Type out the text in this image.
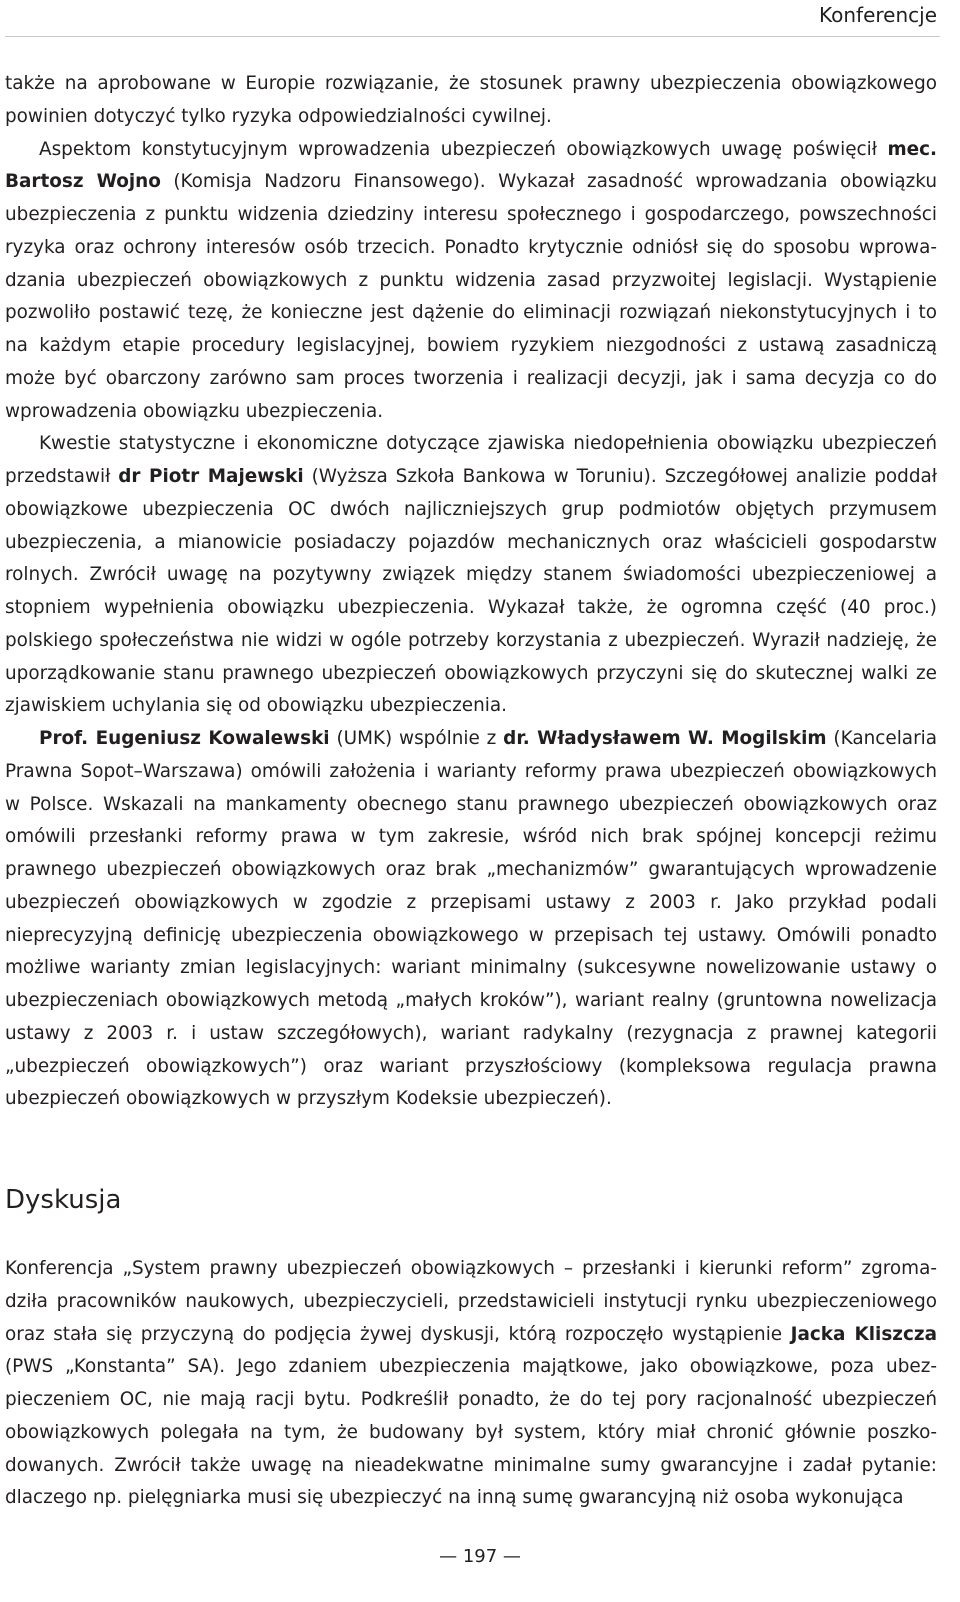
Konferencje

także na aprobowane w Europie rozwiązanie, że stosunek prawny ubezpieczenia obowiązkowego powinien dotyczyć tylko ryzyka odpowiedzialności cywilnej.

Aspektom konstytucyjnym wprowadzenia ubezpieczeń obowiązkowych uwagę poświęcił mec. Bartosz Wojno (Komisja Nadzoru Finansowego). Wykazał zasadność wprowadzania obowiązku ubezpieczenia z punktu widzenia dziedziny interesu społecznego i gospodarczego, powszechności ryzyka oraz ochrony interesów osób trzecich. Ponadto krytycznie odniósł się do sposobu wprowadzania ubezpieczeń obowiązkowych z punktu widzenia zasad przyzwoitej legislacji. Wystąpienie pozwoliło postawić tezę, że konieczne jest dążenie do eliminacji rozwiązań niekonstytucyjnych i to na każdym etapie procedury legislacyjnej, bowiem ryzykiem niezgodności z ustawą zasadniczą może być obarczony zarówno sam proces tworzenia i realizacji decyzji, jak i sama decyzja co do wprowadzenia obowiązku ubezpieczenia.

Kwestie statystyczne i ekonomiczne dotyczące zjawiska niedopełnienia obowiązku ubezpieczeń przedstawił dr Piotr Majewski (Wyższa Szkoła Bankowa w Toruniu). Szczegółowej analizie poddał obowiązkowe ubezpieczenia OC dwóch najliczniejszych grup podmiotów objętych przymusem ubezpieczenia, a mianowicie posiadaczy pojazdów mechanicznych oraz właścicieli gospodarstw rolnych. Zwrócił uwagę na pozytywny związek między stanem świadomości ubezpieczeniowej a stopniem wypełnienia obowiązku ubezpieczenia. Wykazał także, że ogromna część (40 proc.) polskiego społeczeństwa nie widzi w ogóle potrzeby korzystania z ubezpieczeń. Wyraził nadzieję, że uporządkowanie stanu prawnego ubezpieczeń obowiązkowych przyczyni się do skutecznej walki ze zjawiskiem uchylania się od obowiązku ubezpieczenia.

Prof. Eugeniusz Kowalewski (UMK) wspólnie z dr. Władysławem W. Mogilskim (Kancelaria Prawna Sopot–Warszawa) omówili założenia i warianty reformy prawa ubezpieczeń obowiązkowych w Polsce. Wskazali na mankamenty obecnego stanu prawnego ubezpieczeń obowiązkowych oraz omówili przesłanki reformy prawa w tym zakresie, wśród nich brak spójnej koncepcji reżimu prawnego ubezpieczeń obowiązkowych oraz brak „mechanizmów” gwarantujących wprowadzenie ubezpieczeń obowiązkowych w zgodzie z przepisami ustawy z 2003 r. Jako przykład podali nieprecyzyjną definicję ubezpieczenia obowiązkowego w przepisach tej ustawy. Omówili ponadto możliwe warianty zmian legislacyjnych: wariant minimalny (sukcesywne nowelizowanie ustawy o ubezpieczeniach obowiązkowych metodą „małych kroków”), wariant realny (gruntowna nowelizacja ustawy z 2003 r. i ustaw szczegółowych), wariant radykalny (rezygnacja z prawnej kategorii „ubezpieczeń obowiązkowych”) oraz wariant przyszłościowy (kompleksowa regulacja prawna ubezpieczeń obowiązkowych w przyszłym Kodeksie ubezpieczeń).

Dyskusja

Konferencja „System prawny ubezpieczeń obowiązkowych – przesłanki i kierunki reform” zgromadziła pracowników naukowych, ubezpieczycieli, przedstawicieli instytucji rynku ubezpieczeniowego oraz stała się przyczyną do podjęcia żywej dyskusji, którą rozpoczęło wystąpienie Jacka Kliszcza (PWS „Konstanta” SA). Jego zdaniem ubezpieczenia majątkowe, jako obowiązkowe, poza ubezpieczeniem OC, nie mają racji bytu. Podkreślił ponadto, że do tej pory racjonalność ubezpieczeń obowiązkowych polegała na tym, że budowany był system, który miał chronić głównie poszkodowanych. Zwrócił także uwagę na nieadekwatne minimalne sumy gwarancyjne i zadał pytanie: dlaczego np. pielęgniarka musi się ubezpieczyć na inną sumę gwarancyjną niż osoba wykonująca

— 197 —
